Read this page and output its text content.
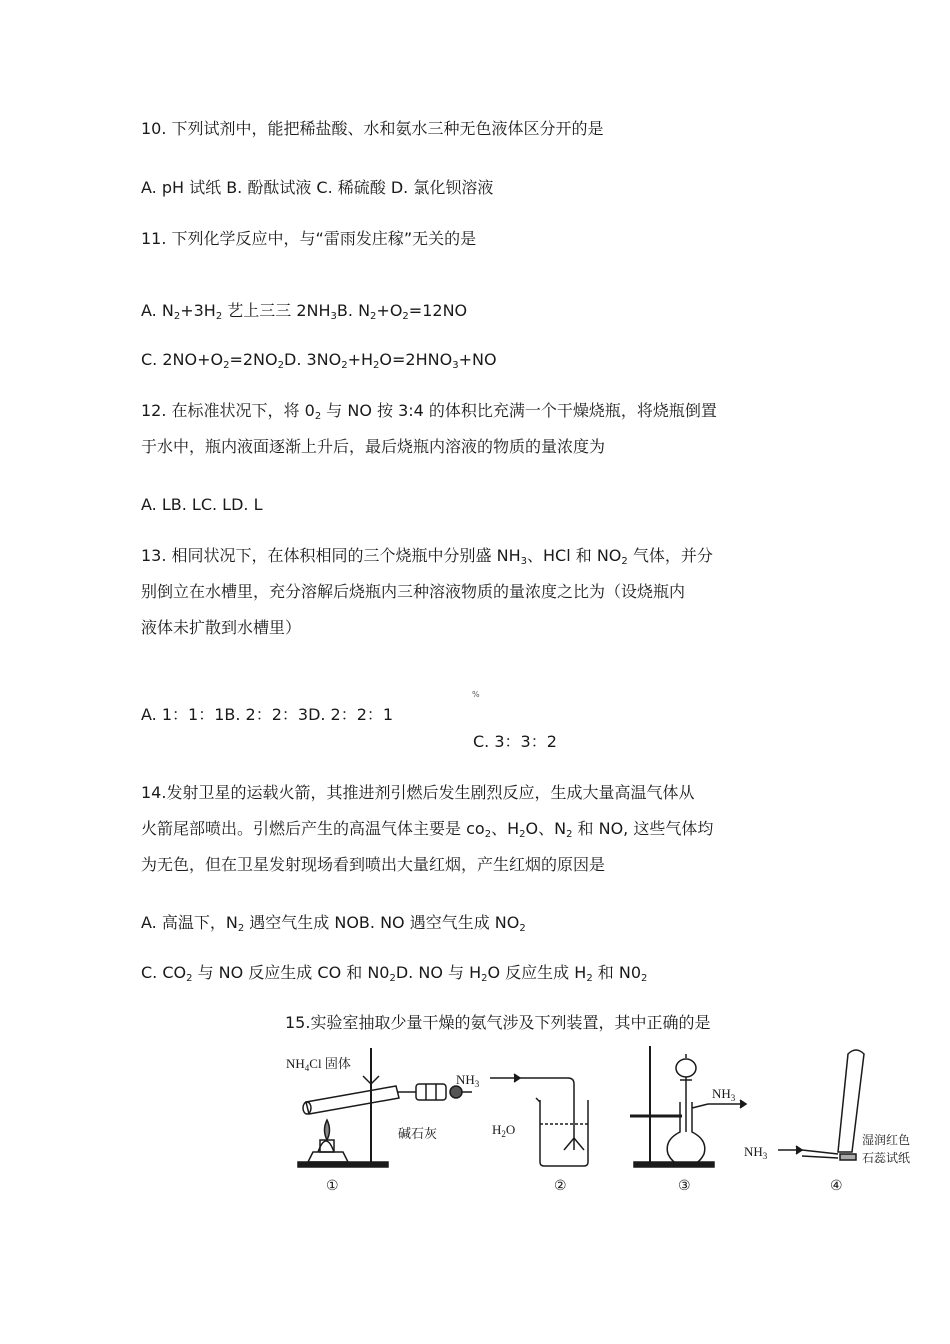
10. 下列试剂中，能把稀盐酸、水和氨水三种无色液体区分开的是
A. pH 试纸 B. 酚酞试液 C. 稀硫酸 D. 氯化钡溶液
11. 下列化学反应中，与“雷雨发庄稼”无关的是
A. $N_2+3H_2$ 艺上三三 $2NH_3B$. $N_2+O_2=12NO$
C. $2NO+O_2=2NO_2D$. $3NO_2+H_2O=2HNO_3+NO$
12. 在标准状况下，将 $0_2$ 与 NO 按 3:4 的体积比充满一个干燥烧瓶，将烧瓶倒置
于水中，瓶内液面逐渐上升后，最后烧瓶内溶液的物质的量浓度为
A. LB. LC. LD. L
13. 相同状况下，在体积相同的三个烧瓶中分别盛 $NH_3$、HCl 和 $NO_2$ 气体，并分
别倒立在水槽里，充分溶解后烧瓶内三种溶液物质的量浓度之比为（设烧瓶内
液体未扩散到水槽里）
%
A. 1：1：1B. 2：2：3D. 2：2：1
C. 3：3：2
14.发射卫星的运载火箭，其推进剂引燃后发生剧烈反应，生成大量高温气体从
火箭尾部喷出。引燃后产生的高温气体主要是 $co_2$、$H_2O$、$N_2$ 和 NO, 这些气体均
为无色，但在卫星发射现场看到喷出大量红烟，产生红烟的原因是
A. 高温下，$N_2$ 遇空气生成 NOB. NO 遇空气生成 $NO_2$
C. $CO_2$ 与 NO 反应生成 CO 和 $N0_2D$. NO 与 $H_2O$ 反应生成 $H_2$ 和 $N0_2$
15.实验室抽取少量干燥的氨气涉及下列装置，其中正确的是
$NH_4Cl$ 固体
碱石灰
①
$NH_3$
$H_2O$
②
$NH_3$
③
$NH_3$
湿润红色
石蕊试纸
④
